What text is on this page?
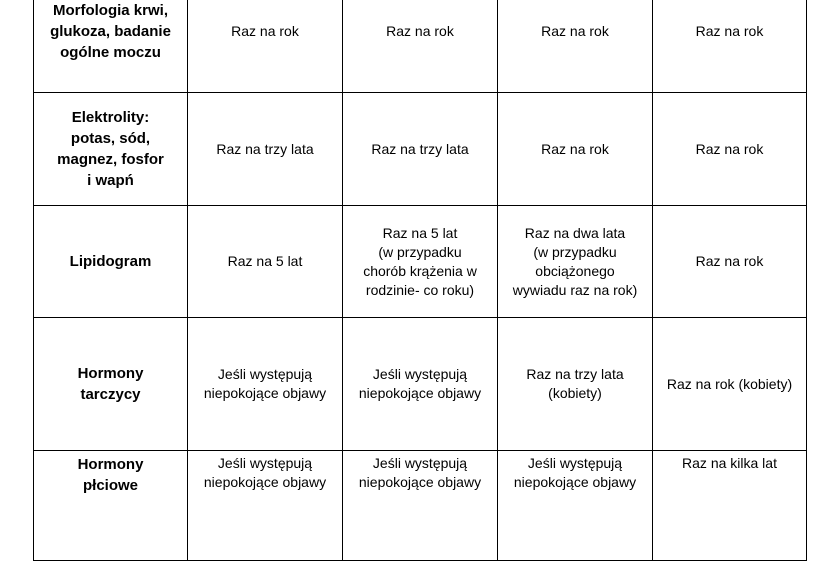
Morfologia krwi,
glukoza, badanie
ogólne moczu	Raz na rok	Raz na rok	Raz na rok	Raz na rok
Elektrolity:
potas, sód,
magnez, fosfor
i wapń	Raz na trzy lata	Raz na trzy lata	Raz na rok	Raz na rok
Lipidogram	Raz na 5 lat	Raz na 5 lat
(w przypadku
chorób krążenia w
rodzinie- co roku)	Raz na dwa lata
(w przypadku
obciążonego
wywiadu raz na rok)	Raz na rok
Hormony
tarczycy	Jeśli występują
niepokojące objawy	Jeśli występują
niepokojące objawy	Raz na trzy lata
(kobiety)	Raz na rok (kobiety)
Hormony
płciowe	Jeśli występują
niepokojące objawy	Jeśli występują
niepokojące objawy	Jeśli występują
niepokojące objawy	Raz na kilka lat
